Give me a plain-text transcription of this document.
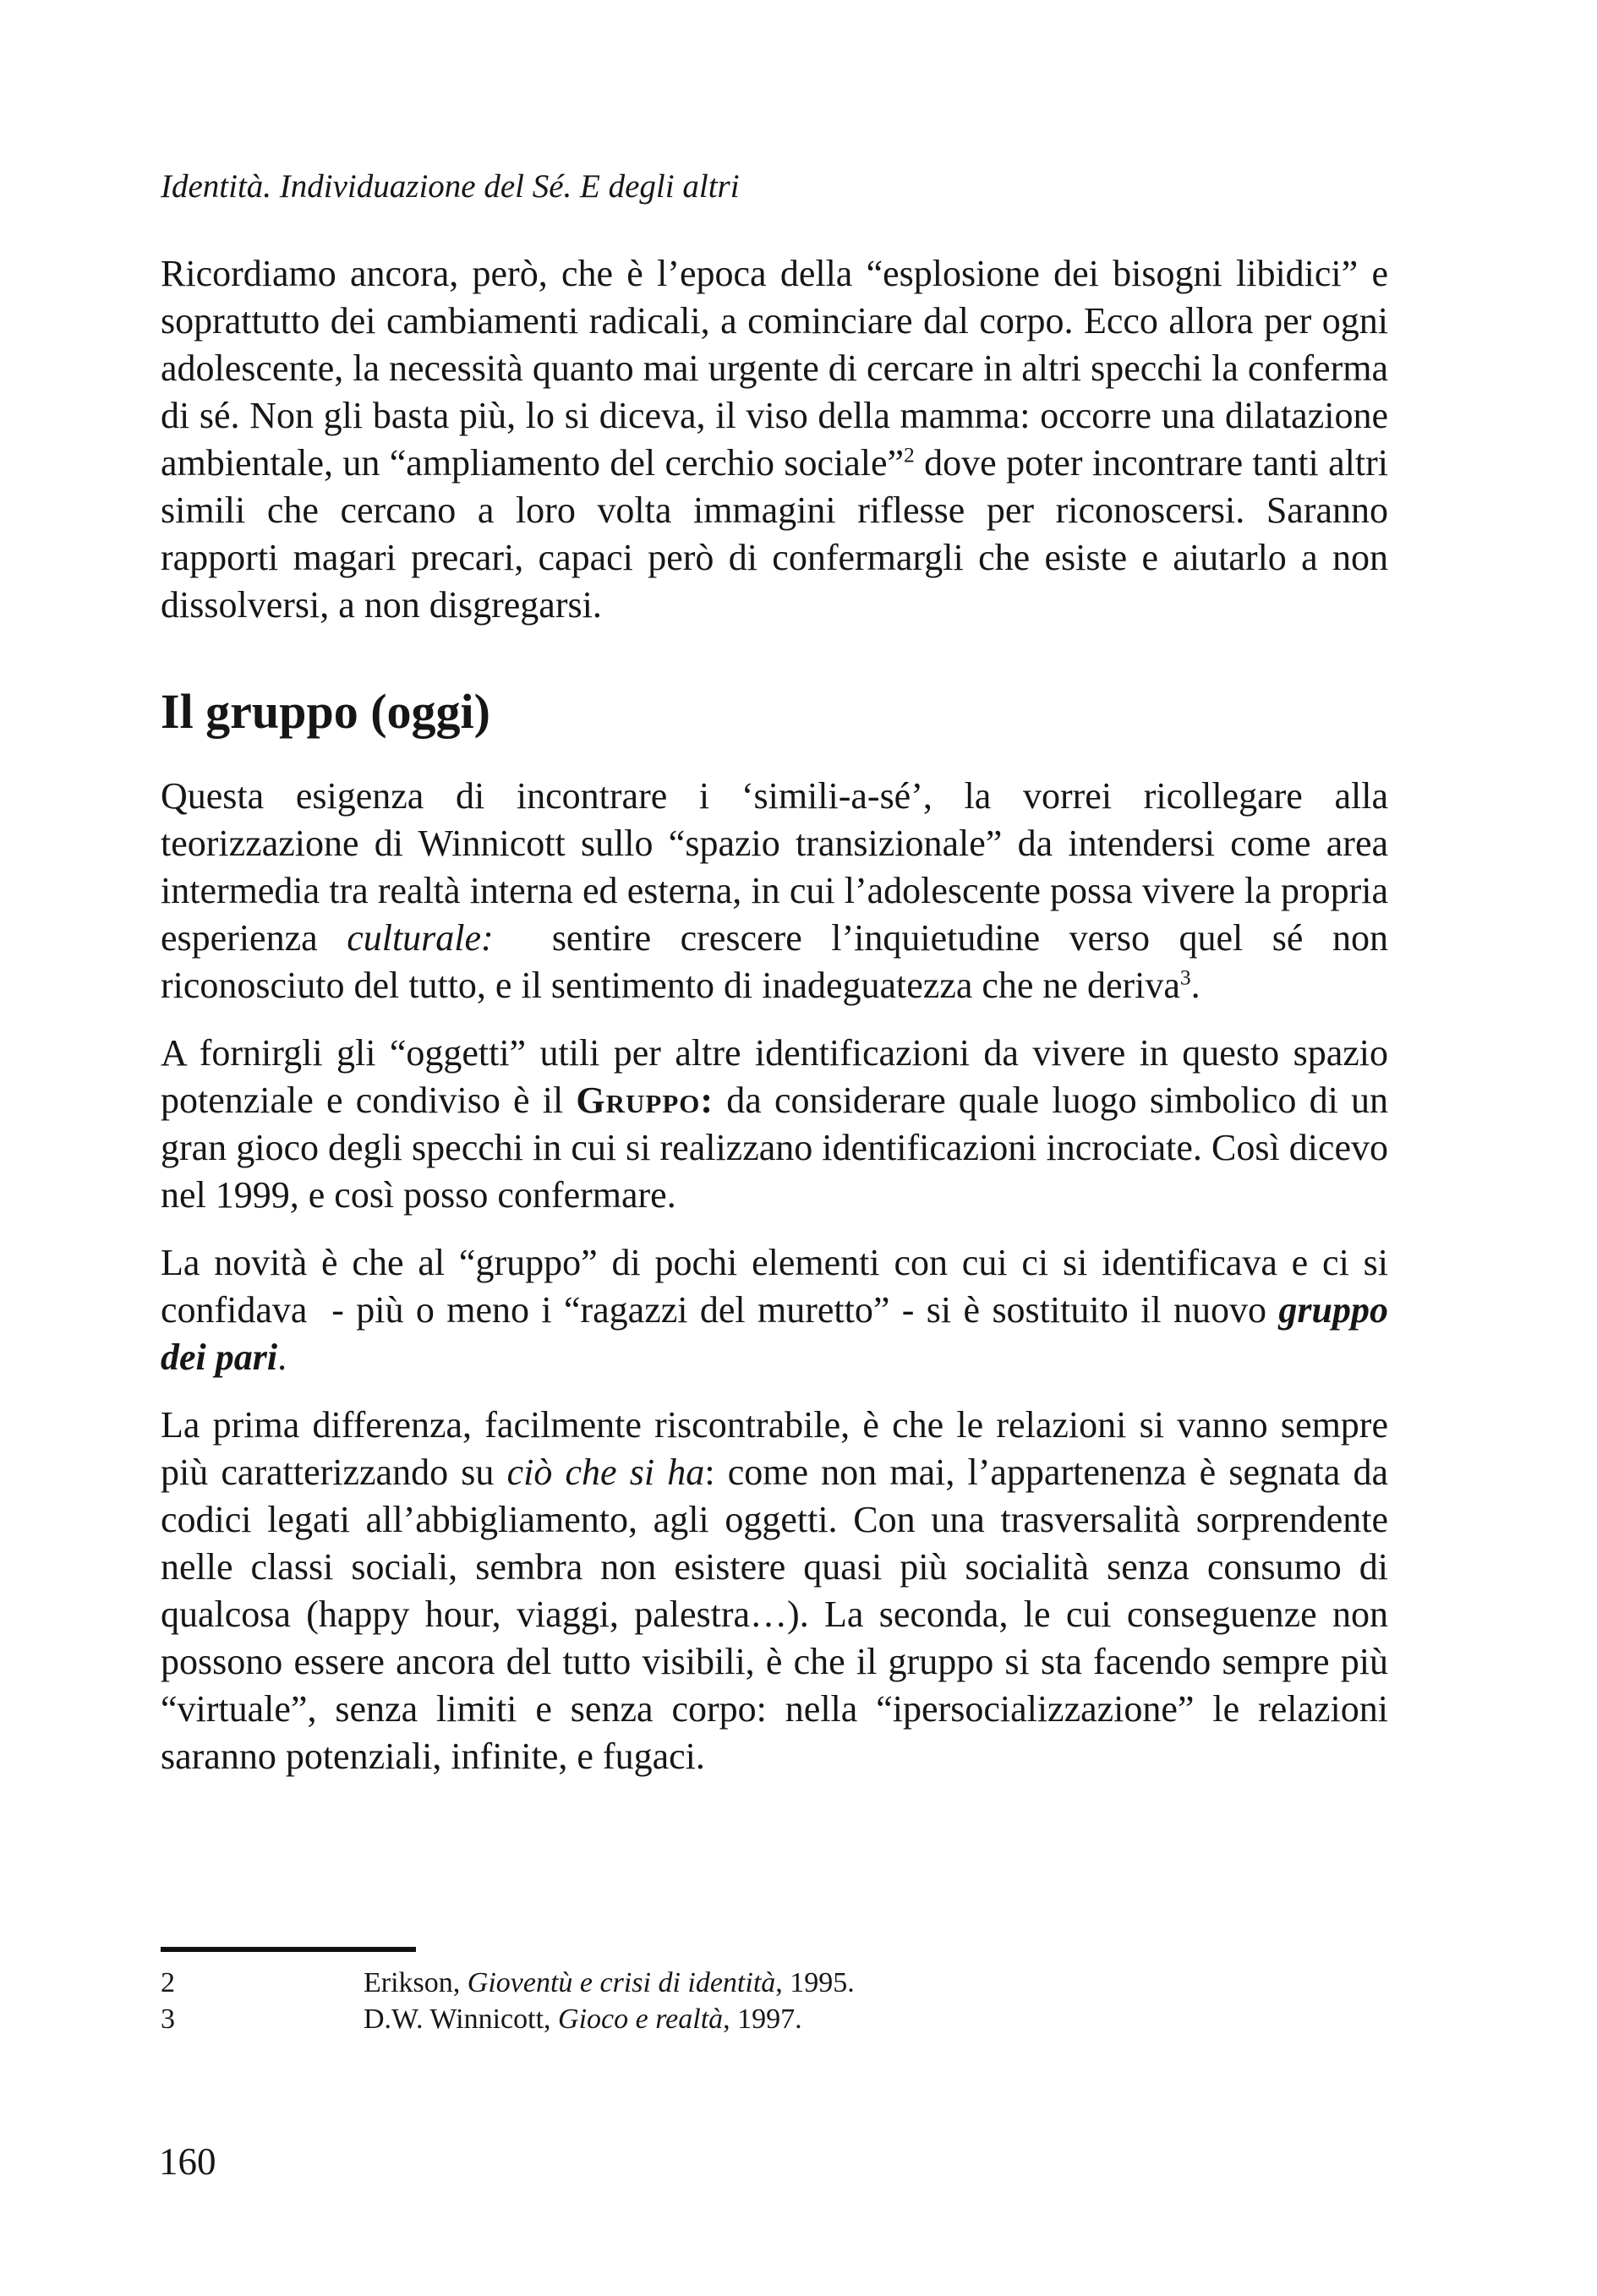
Identità. Individuazione del Sé. E degli altri

Ricordiamo ancora, però, che è l’epoca della “esplosione dei bisogni libidici” e soprattutto dei cambiamenti radicali, a cominciare dal corpo. Ecco allora per ogni adolescente, la necessità quanto mai urgente di cercare in altri specchi la conferma di sé. Non gli basta più, lo si diceva, il viso della mamma: occorre una dilatazione ambientale, un “ampliamento del cerchio sociale”$^2$ dove poter incontrare tanti altri simili che cercano a loro volta immagini riflesse per riconoscersi. Saranno rapporti magari precari, capaci però di confermargli che esiste e aiutarlo a non dissolversi, a non disgregarsi.

Il gruppo (oggi)

Questa esigenza di incontrare i ‘simili-a-sé’, la vorrei ricollegare alla teorizzazione di Winnicott sullo “spazio transizionale” da intendersi come area intermedia tra realtà interna ed esterna, in cui l’adolescente possa vivere la propria esperienza culturale:  sentire crescere l’inquietudine verso quel sé non riconosciuto del tutto, e il sentimento di inadeguatezza che ne deriva$^3$.

A fornirgli gli “oggetti” utili per altre identificazioni da vivere in questo spazio potenziale e condiviso è il Gruppo: da considerare quale luogo simbolico di un gran gioco degli specchi in cui si realizzano identificazioni incrociate. Così dicevo nel 1999, e così posso confermare.

La novità è che al “gruppo” di pochi elementi con cui ci si identificava e ci si confidava  - più o meno i “ragazzi del muretto” - si è sostituito il nuovo gruppo dei pari.

La prima differenza, facilmente riscontrabile, è che le relazioni si vanno sempre più caratterizzando su ciò che si ha: come non mai, l’appartenenza è segnata da codici legati all’abbigliamento, agli oggetti. Con una trasversalità sorprendente nelle classi sociali, sembra non esistere quasi più socialità senza consumo di qualcosa (happy hour, viaggi, palestra…). La seconda, le cui conseguenze non possono essere ancora del tutto visibili, è che il gruppo si sta facendo sempre più “virtuale”, senza limiti e senza corpo: nella “ipersocializzazione” le relazioni saranno potenziali, infinite, e fugaci.

2	Erikson, Gioventù e crisi di identità, 1995.
3	D.W. Winnicott, Gioco e realtà, 1997.
160
